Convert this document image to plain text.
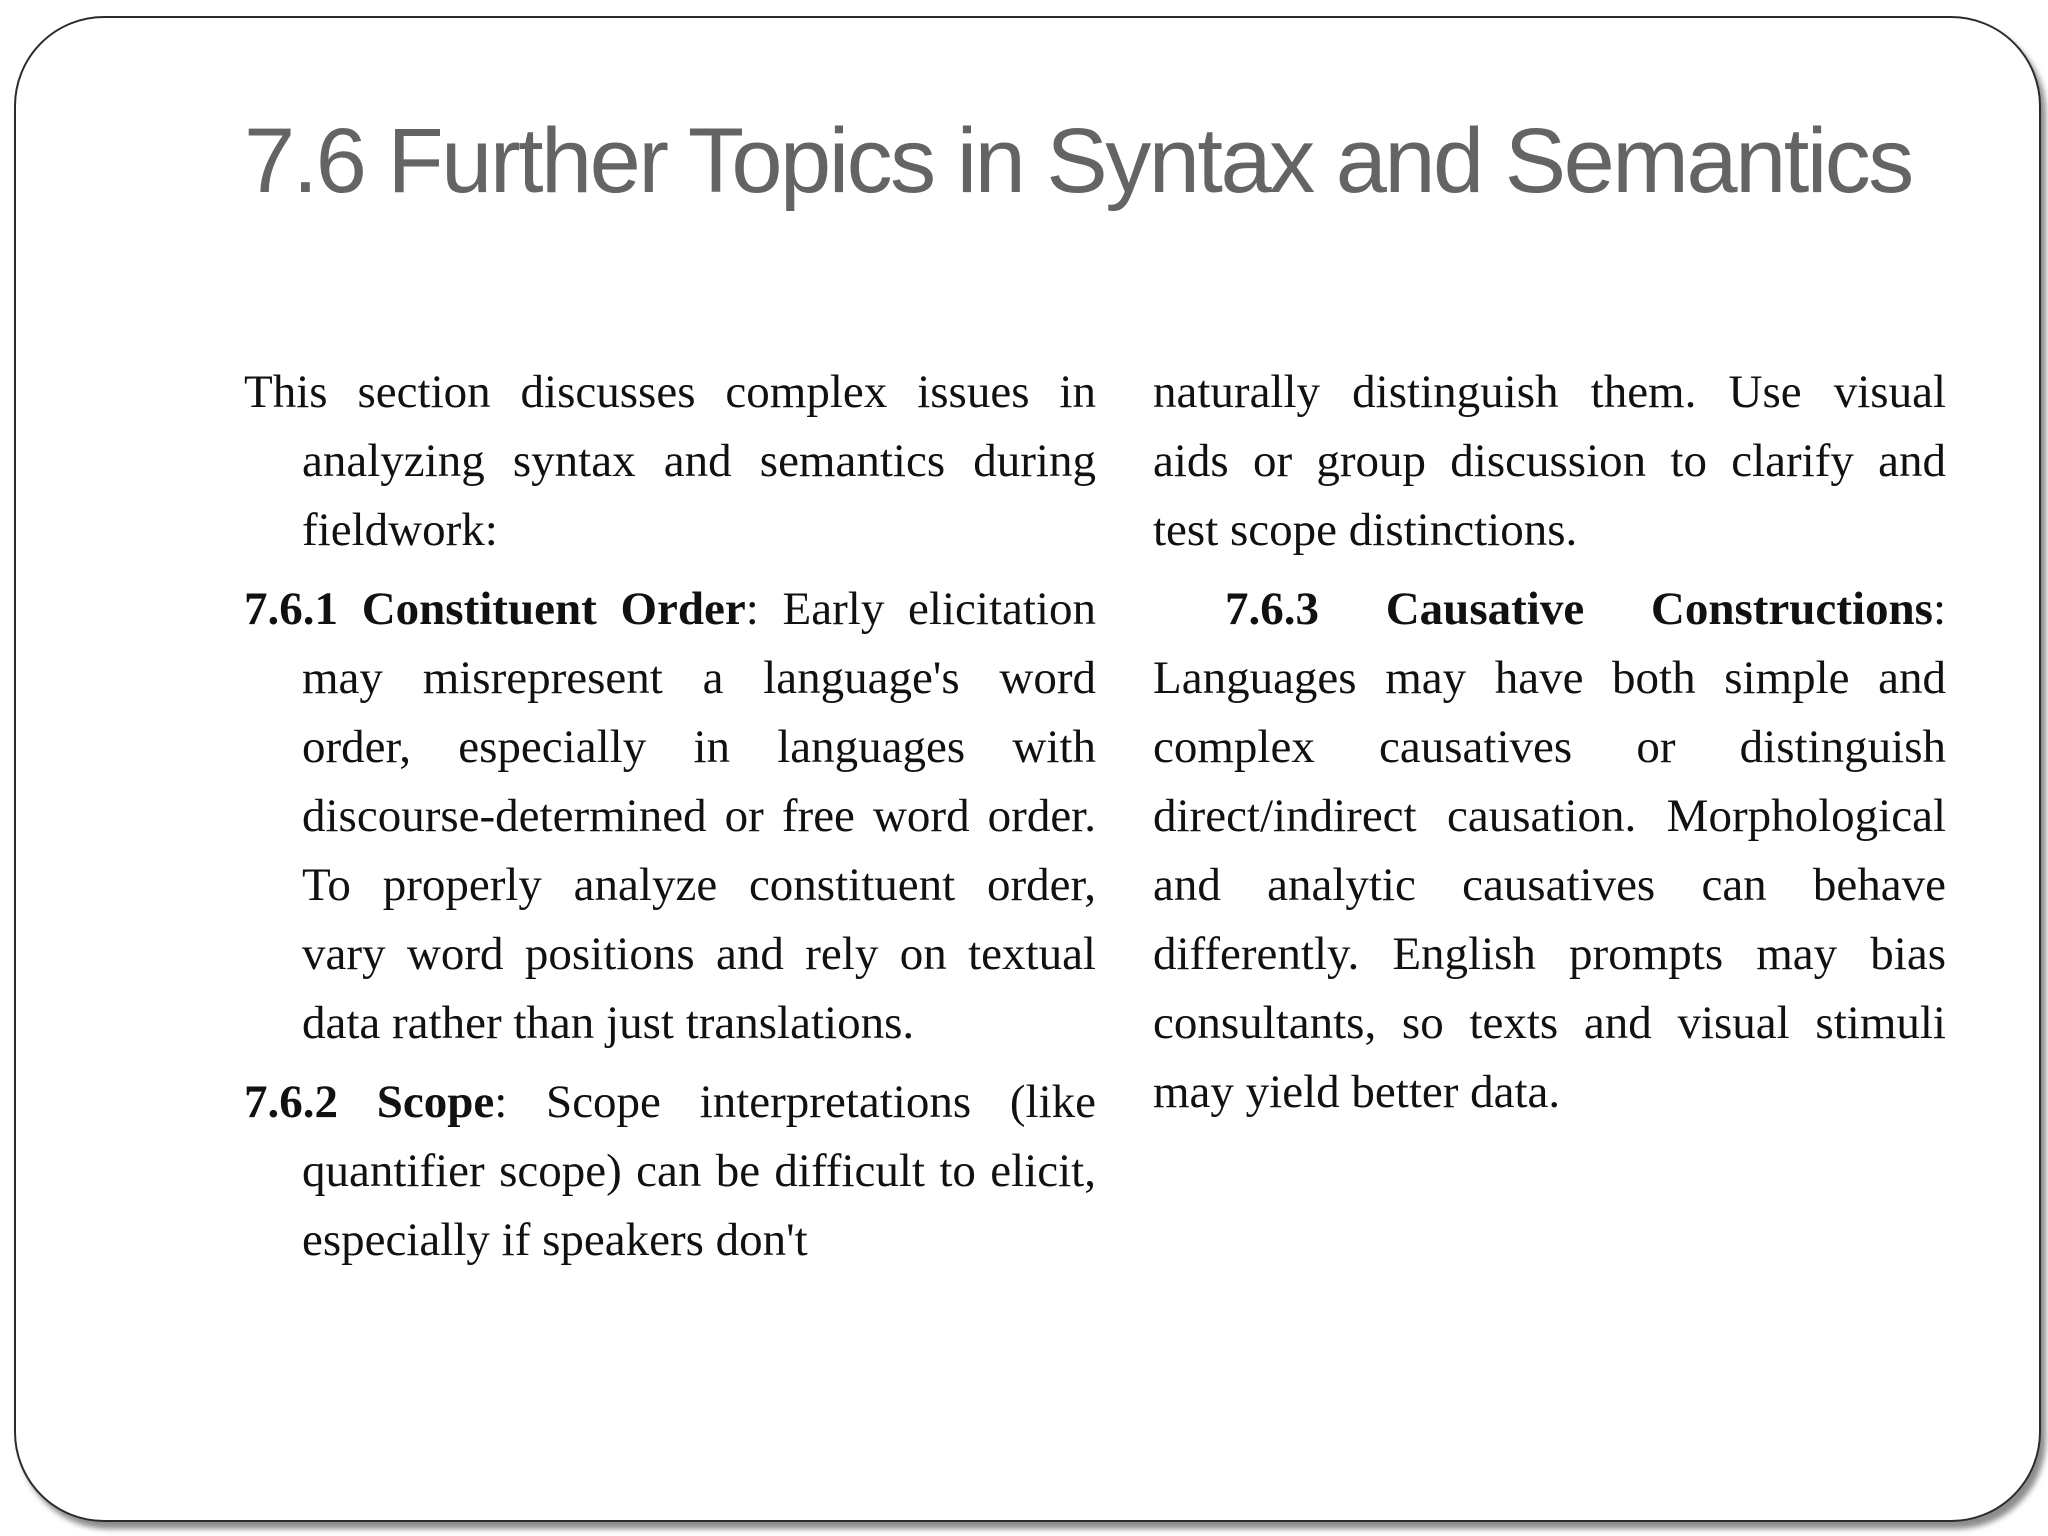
7.6 Further Topics in Syntax and Semantics

This section discusses complex issues in analyzing syntax and semantics during fieldwork:

7.6.1 Constituent Order: Early elicitation may misrepresent a language's word order, especially in languages with discourse-determined or free word order. To properly analyze constituent order, vary word positions and rely on textual data rather than just translations.

7.6.2 Scope: Scope interpretations (like quantifier scope) can be difficult to elicit, especially if speakers don't

naturally distinguish them. Use visual aids or group discussion to clarify and test scope distinctions.

7.6.3 Causative Constructions: Languages may have both simple and complex causatives or distinguish direct/indirect causation. Morphological and analytic causatives can behave differently. English prompts may bias consultants, so texts and visual stimuli may yield better data.
